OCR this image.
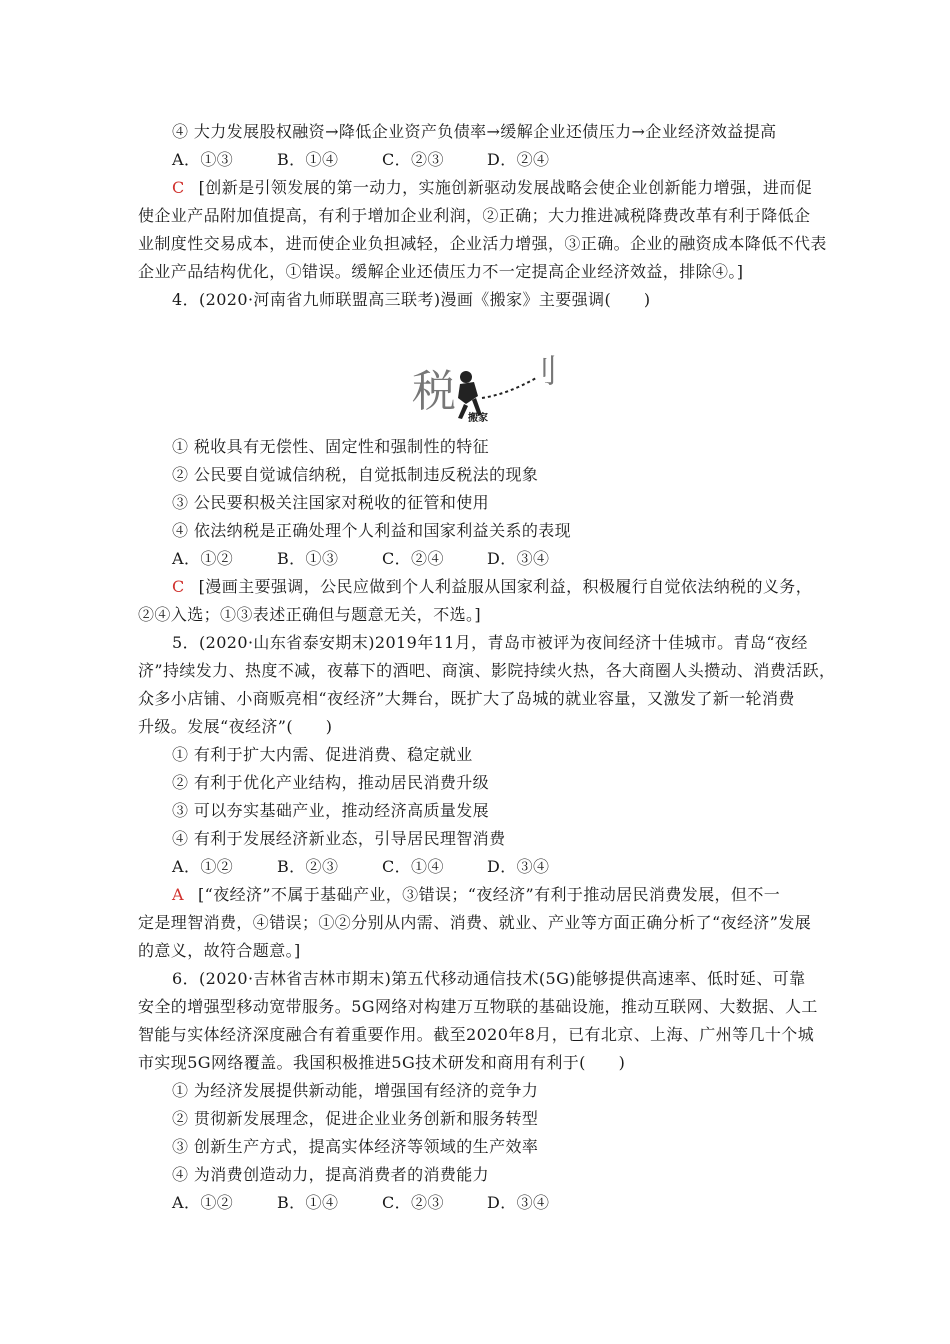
④ 大力发展股权融资→降低企业资产负债率→缓解企业还债压力→企业经济效益提高
A．①③	B．①④	C．②③	D．②④
C [创新是引领发展的第一动力，实施创新驱动发展战略会使企业创新能力增强，进而促
使企业产品附加值提高，有利于增加企业利润，②正确；大力推进减税降费改革有利于降低企
业制度性交易成本，进而使企业负担减轻，企业活力增强，③正确。企业的融资成本降低不代表
企业产品结构优化，①错误。缓解企业还债压力不一定提高企业经济效益，排除④。]
4．(2020·河南省九师联盟高三联考)漫画《搬家》主要强调(　　)
税 刂
搬家
① 税收具有无偿性、固定性和强制性的特征
② 公民要自觉诚信纳税，自觉抵制违反税法的现象
③ 公民要积极关注国家对税收的征管和使用
④ 依法纳税是正确处理个人利益和国家利益关系的表现
A．①②	B．①③	C．②④	D．③④
C [漫画主要强调，公民应做到个人利益服从国家利益，积极履行自觉依法纳税的义务，
②④入选；①③表述正确但与题意无关，不选。]
5．(2020·山东省泰安期末)2019年11月，青岛市被评为夜间经济十佳城市。青岛“夜经
济”持续发力、热度不减，夜幕下的酒吧、商演、影院持续火热，各大商圈人头攒动、消费活跃，
众多小店铺、小商贩亮相“夜经济”大舞台，既扩大了岛城的就业容量，又激发了新一轮消费
升级。发展“夜经济”(　　)
① 有利于扩大内需、促进消费、稳定就业
② 有利于优化产业结构，推动居民消费升级
③ 可以夯实基础产业，推动经济高质量发展
④ 有利于发展经济新业态，引导居民理智消费
A．①②	B．②③	C．①④	D．③④
A [“夜经济”不属于基础产业，③错误；“夜经济”有利于推动居民消费发展，但不一
定是理智消费，④错误；①②分别从内需、消费、就业、产业等方面正确分析了“夜经济”发展
的意义，故符合题意。]
6．(2020·吉林省吉林市期末)第五代移动通信技术(5G)能够提供高速率、低时延、可靠
安全的增强型移动宽带服务。5G网络对构建万互物联的基础设施，推动互联网、大数据、人工
智能与实体经济深度融合有着重要作用。截至2020年8月，已有北京、上海、广州等几十个城
市实现5G网络覆盖。我国积极推进5G技术研发和商用有利于(　　)
① 为经济发展提供新动能，增强国有经济的竞争力
② 贯彻新发展理念，促进企业业务创新和服务转型
③ 创新生产方式，提高实体经济等领域的生产效率
④ 为消费创造动力，提高消费者的消费能力
A．①②	B．①④	C．②③	D．③④
